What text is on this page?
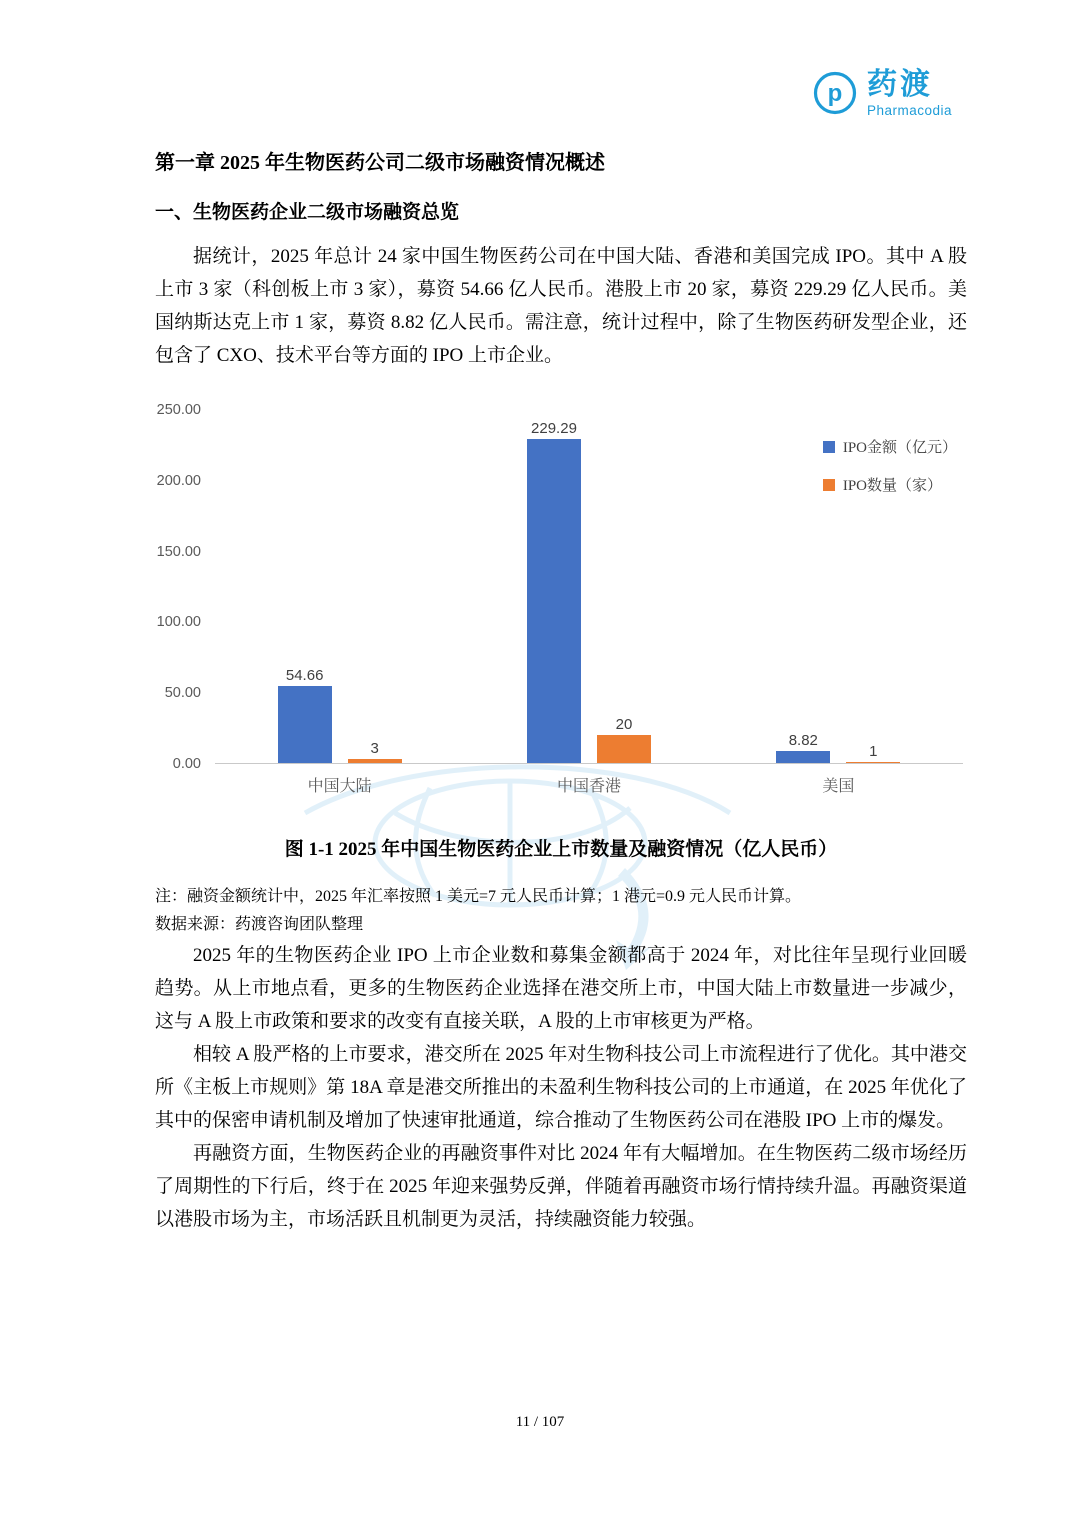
p 药渡
Pharmacodia
第一章 2025 年生物医药公司二级市场融资情况概述
一、生物医药企业二级市场融资总览

据统计，2025 年总计 24 家中国生物医药公司在中国大陆、香港和美国完成 IPO。其中 A 股上市 3 家（科创板上市 3 家），募资 54.66 亿人民币。港股上市 20 家，募资 229.29 亿人民币。美国纳斯达克上市 1 家，募资 8.82 亿人民币。需注意，统计过程中，除了生物医药研发型企业，还包含了 CXO、技术平台等方面的 IPO 上市企业。

0.00
50.00
100.00
150.00
200.00
250.00
54.66
3
229.29
20
8.82
1
中国大陆	中国香港	美国
IPO金额（亿元）
IPO数量（家）
图 1-1 2025 年中国生物医药企业上市数量及融资情况（亿人民币）
注：融资金额统计中，2025 年汇率按照 1 美元=7 元人民币计算；1 港元=0.9 元人民币计算。
数据来源：药渡咨询团队整理

2025 年的生物医药企业 IPO 上市企业数和募集金额都高于 2024 年，对比往年呈现行业回暖趋势。从上市地点看，更多的生物医药企业选择在港交所上市，中国大陆上市数量进一步减少，这与 A 股上市政策和要求的改变有直接关联，A 股的上市审核更为严格。

相较 A 股严格的上市要求，港交所在 2025 年对生物科技公司上市流程进行了优化。其中港交所《主板上市规则》第 18A 章是港交所推出的未盈利生物科技公司的上市通道，在 2025 年优化了其中的保密申请机制及增加了快速审批通道，综合推动了生物医药公司在港股 IPO 上市的爆发。

再融资方面，生物医药企业的再融资事件对比 2024 年有大幅增加。在生物医药二级市场经历了周期性的下行后，终于在 2025 年迎来强势反弹，伴随着再融资市场行情持续升温。再融资渠道以港股市场为主，市场活跃且机制更为灵活，持续融资能力较强。

11 / 107
